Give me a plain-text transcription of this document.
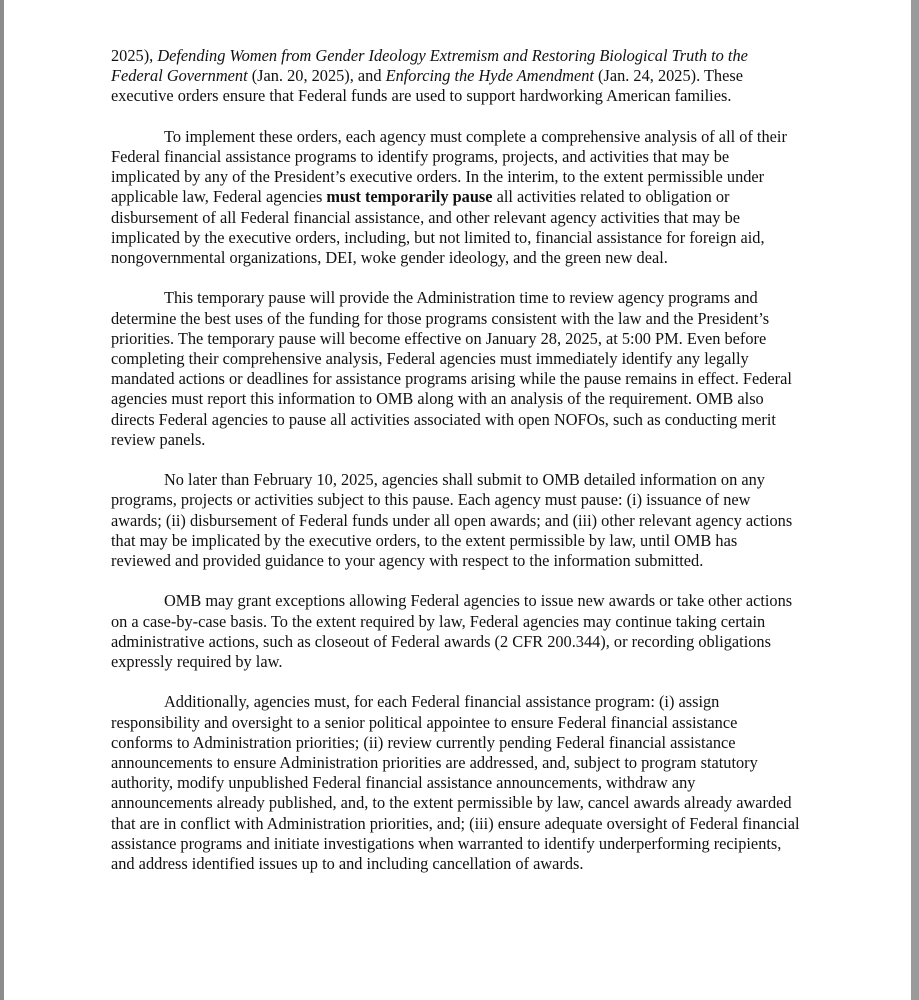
2025), Defending Women from Gender Ideology Extremism and Restoring Biological Truth to the Federal Government (Jan. 20, 2025), and Enforcing the Hyde Amendment (Jan. 24, 2025). These executive orders ensure that Federal funds are used to support hardworking American families.

To implement these orders, each agency must complete a comprehensive analysis of all of their Federal financial assistance programs to identify programs, projects, and activities that may be implicated by any of the President’s executive orders. In the interim, to the extent permissible under applicable law, Federal agencies must temporarily pause all activities related to obligation or disbursement of all Federal financial assistance, and other relevant agency activities that may be implicated by the executive orders, including, but not limited to, financial assistance for foreign aid, nongovernmental organizations, DEI, woke gender ideology, and the green new deal.

This temporary pause will provide the Administration time to review agency programs and determine the best uses of the funding for those programs consistent with the law and the President’s priorities. The temporary pause will become effective on January 28, 2025, at 5:00 PM. Even before completing their comprehensive analysis, Federal agencies must immediately identify any legally mandated actions or deadlines for assistance programs arising while the pause remains in effect. Federal agencies must report this information to OMB along with an analysis of the requirement. OMB also directs Federal agencies to pause all activities associated with open NOFOs, such as conducting merit review panels.

No later than February 10, 2025, agencies shall submit to OMB detailed information on any programs, projects or activities subject to this pause. Each agency must pause: (i) issuance of new awards; (ii) disbursement of Federal funds under all open awards; and (iii) other relevant agency actions that may be implicated by the executive orders, to the extent permissible by law, until OMB has reviewed and provided guidance to your agency with respect to the information submitted.

OMB may grant exceptions allowing Federal agencies to issue new awards or take other actions on a case-by-case basis. To the extent required by law, Federal agencies may continue taking certain administrative actions, such as closeout of Federal awards (2 CFR 200.344), or recording obligations expressly required by law.

Additionally, agencies must, for each Federal financial assistance program: (i) assign responsibility and oversight to a senior political appointee to ensure Federal financial assistance conforms to Administration priorities; (ii) review currently pending Federal financial assistance announcements to ensure Administration priorities are addressed, and, subject to program statutory authority, modify unpublished Federal financial assistance announcements, withdraw any announcements already published, and, to the extent permissible by law, cancel awards already awarded that are in conflict with Administration priorities, and; (iii) ensure adequate oversight of Federal financial assistance programs and initiate investigations when warranted to identify underperforming recipients, and address identified issues up to and including cancellation of awards.
